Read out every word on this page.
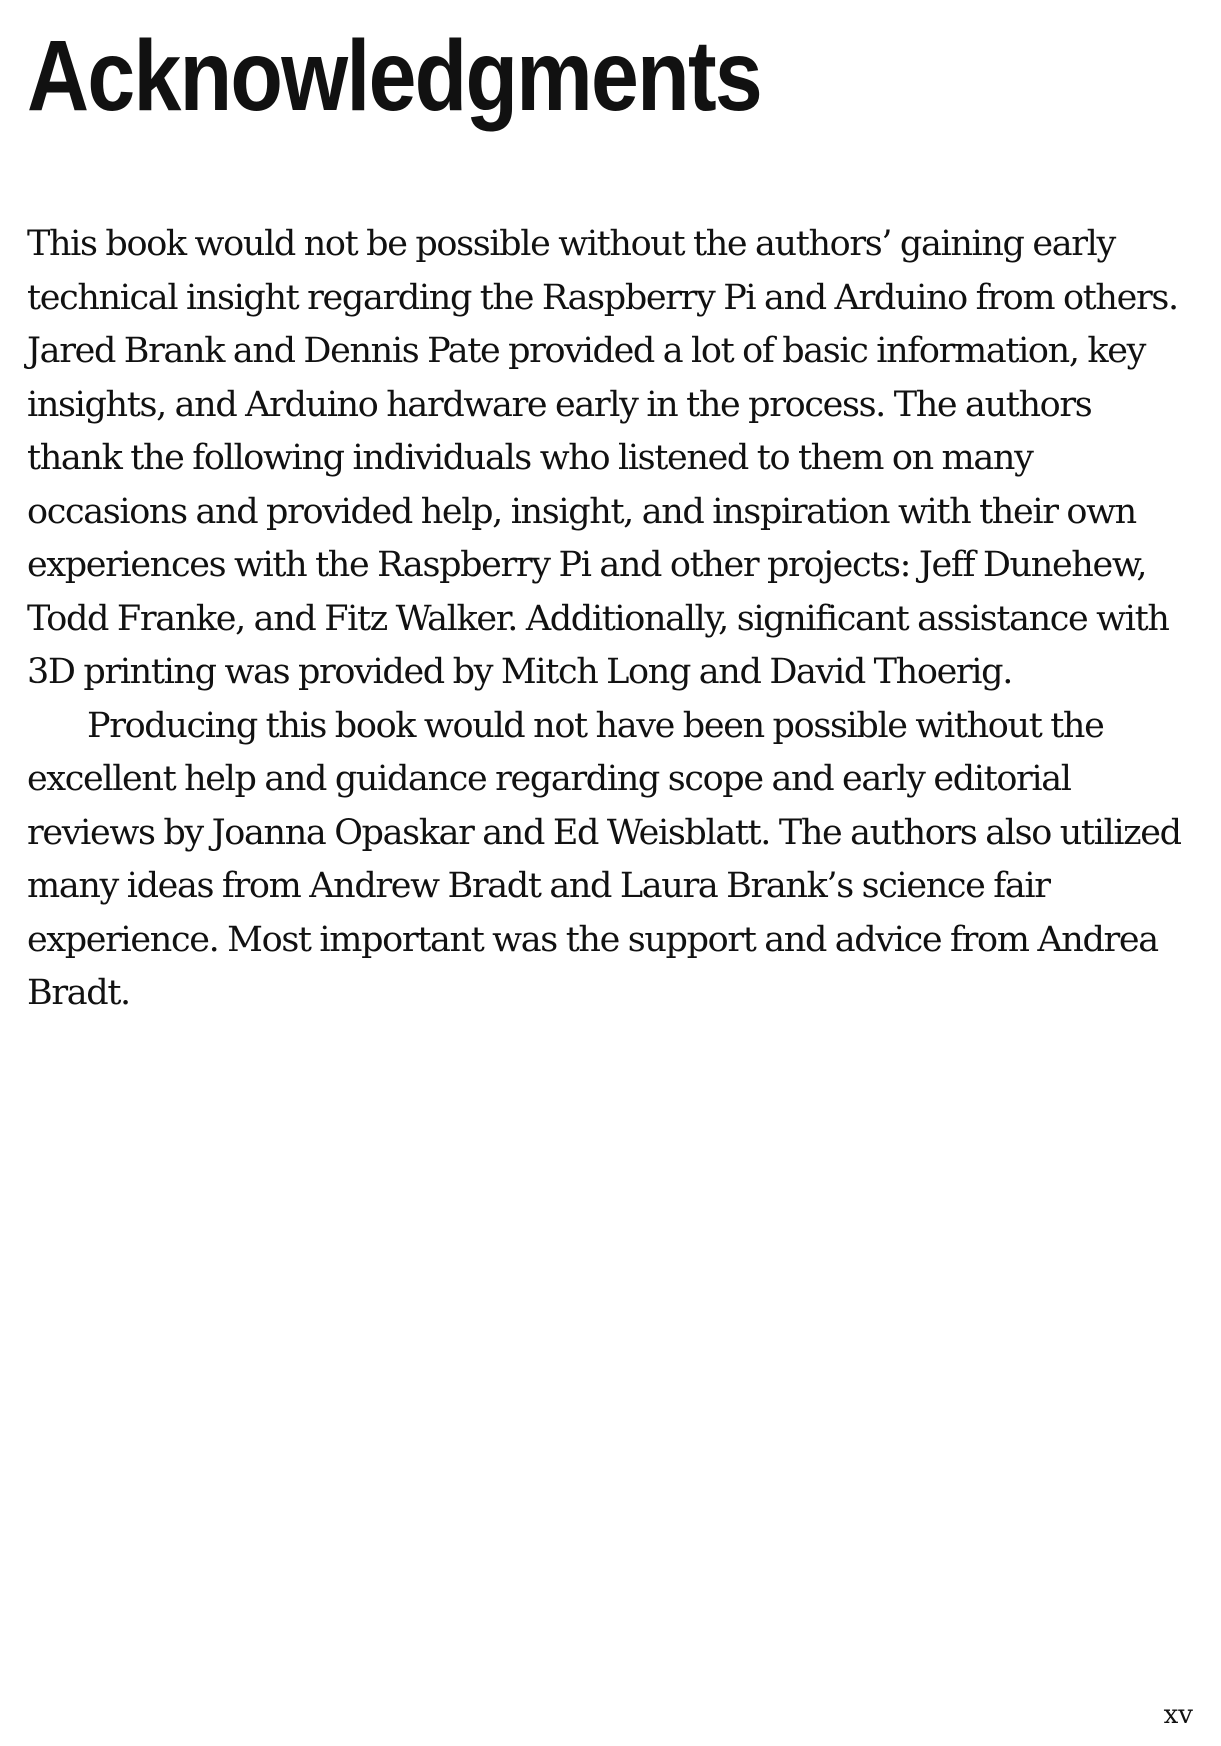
Acknowledgments

This book would not be possible without the authors’ gaining early technical insight regarding the Raspberry Pi and Arduino from others. Jared Brank and Dennis Pate provided a lot of basic information, key insights, and Arduino hardware early in the process. The authors thank the following individuals who listened to them on many occasions and provided help, insight, and inspiration with their own experiences with the Raspberry Pi and other projects: Jeff Dunehew, Todd Franke, and Fitz Walker. Additionally, significant assistance with 3D printing was provided by Mitch Long and David Thoerig.

Producing this book would not have been possible without the excellent help and guidance regarding scope and early editorial reviews by Joanna Opaskar and Ed Weisblatt. The authors also utilized many ideas from Andrew Bradt and Laura Brank’s science fair experience. Most important was the support and advice from Andrea Bradt.

xv
